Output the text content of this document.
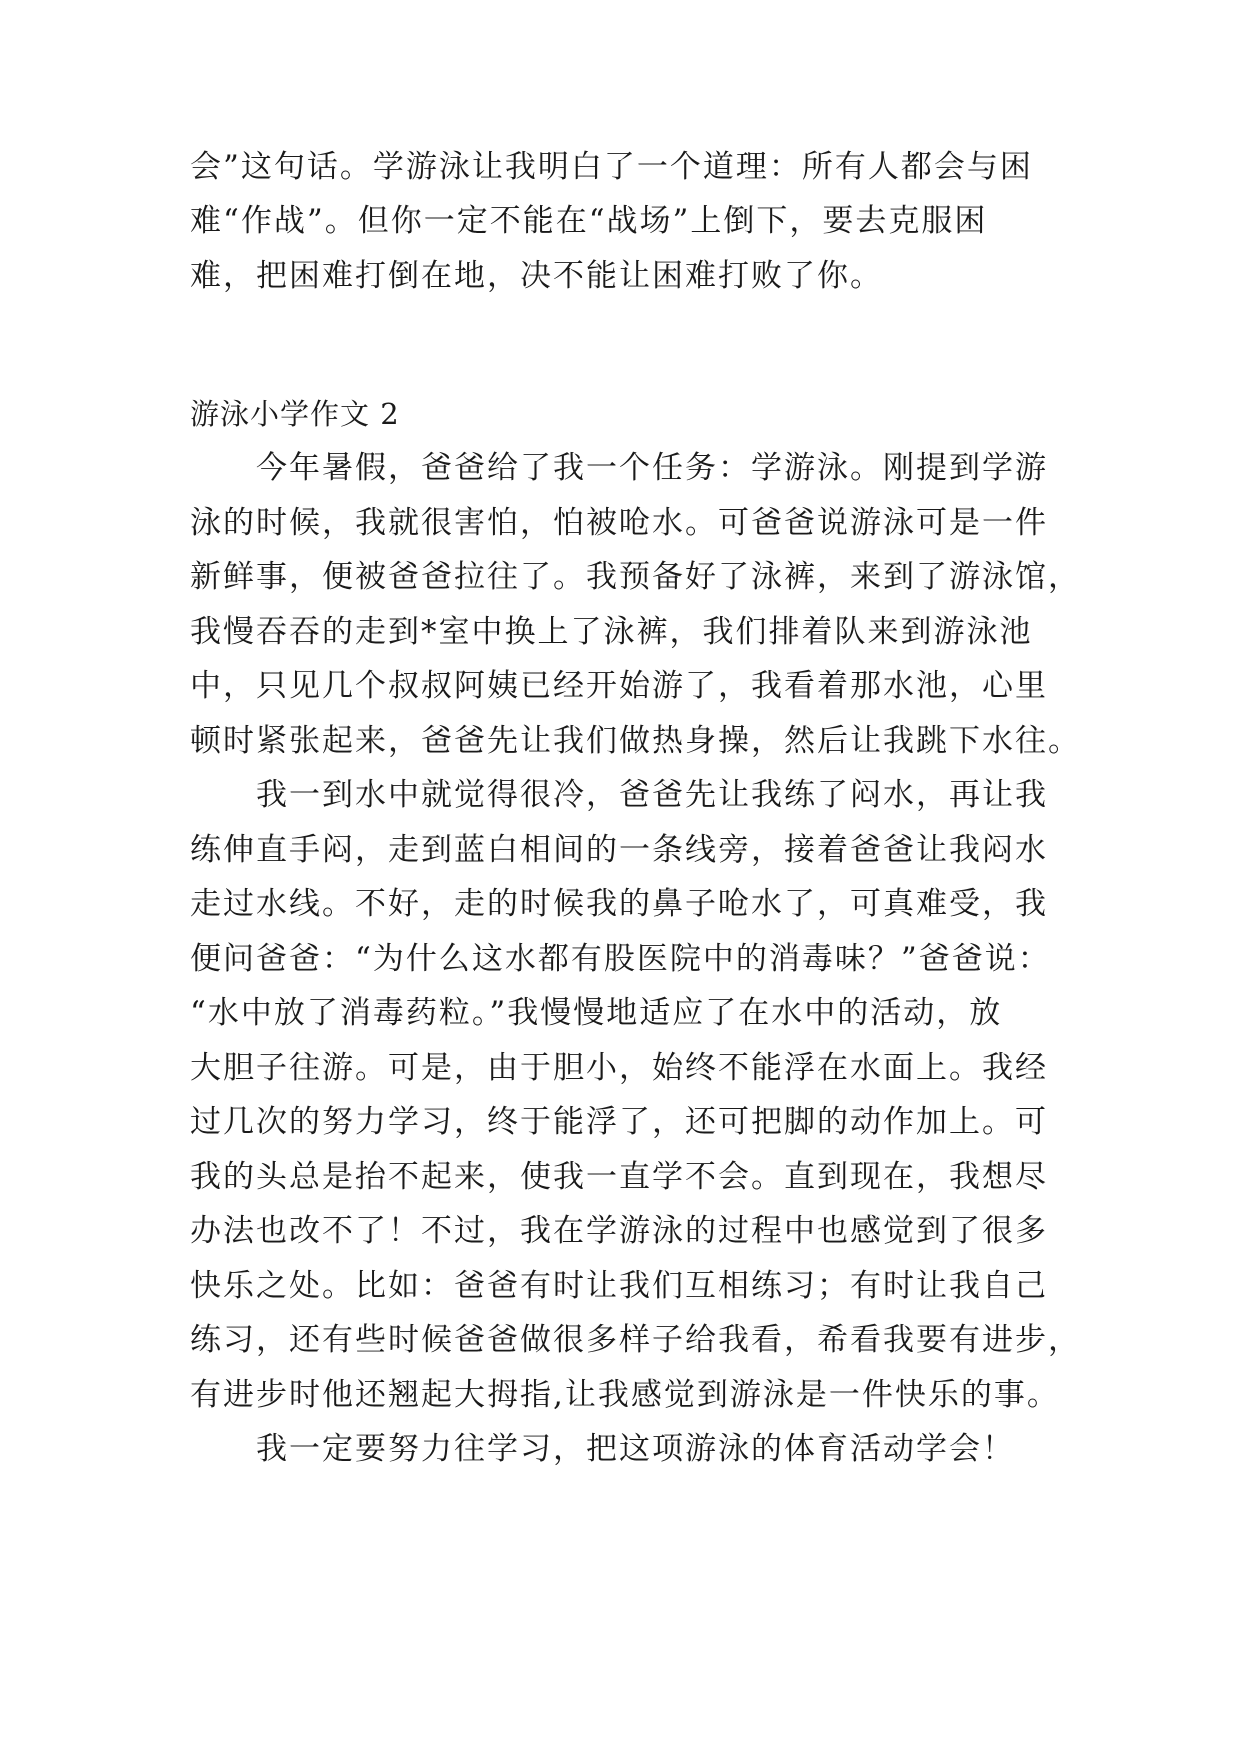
会”这句话。学游泳让我明白了一个道理：所有人都会与困
难“作战”。但你一定不能在“战场”上倒下，要去克服困
难，把困难打倒在地，决不能让困难打败了你。
游泳小学作文 2
　　今年暑假，爸爸给了我一个任务：学游泳。刚提到学游
泳的时候，我就很害怕，怕被呛水。可爸爸说游泳可是一件
新鲜事，便被爸爸拉往了。我预备好了泳裤，来到了游泳馆，
我慢吞吞的走到*室中换上了泳裤，我们排着队来到游泳池
中，只见几个叔叔阿姨已经开始游了，我看着那水池，心里
顿时紧张起来，爸爸先让我们做热身操，然后让我跳下水往。
　　我一到水中就觉得很冷，爸爸先让我练了闷水，再让我
练伸直手闷，走到蓝白相间的一条线旁，接着爸爸让我闷水
走过水线。不好，走的时候我的鼻子呛水了，可真难受，我
便问爸爸：“为什么这水都有股医院中的消毒味？”爸爸说：
“水中放了消毒药粒。”我慢慢地适应了在水中的活动，放
大胆子往游。可是，由于胆小，始终不能浮在水面上。我经
过几次的努力学习，终于能浮了，还可把脚的动作加上。可
我的头总是抬不起来，使我一直学不会。直到现在，我想尽
办法也改不了！不过，我在学游泳的过程中也感觉到了很多
快乐之处。比如：爸爸有时让我们互相练习；有时让我自己
练习，还有些时候爸爸做很多样子给我看，希看我要有进步，
有进步时他还翘起大拇指,让我感觉到游泳是一件快乐的事。
　　我一定要努力往学习，把这项游泳的体育活动学会！
